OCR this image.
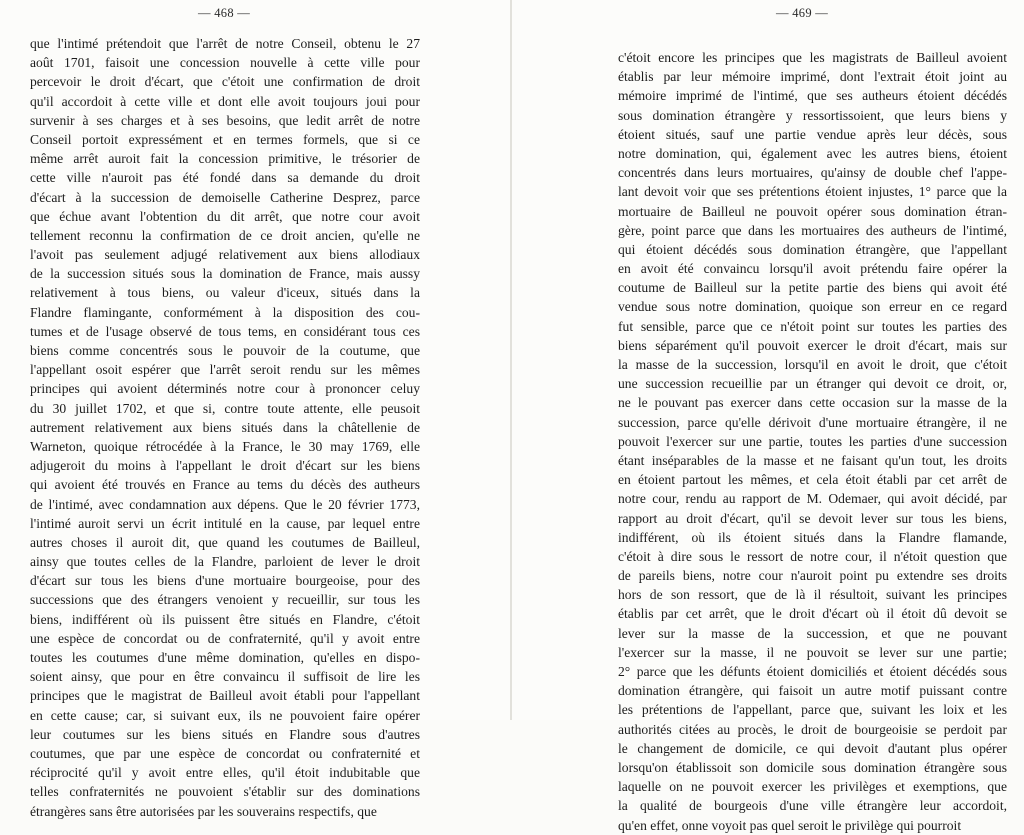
— 468 —
que l'intimé prétendoit que l'arrêt de notre Conseil, obtenu le 27
août 1701, faisoit une concession nouvelle à cette ville pour
percevoir le droit d'écart, que c'étoit une confirmation de droit
qu'il accordoit à cette ville et dont elle avoit toujours joui pour
survenir à ses charges et à ses besoins, que ledit arrêt de notre
Conseil portoit expressément et en termes formels, que si ce
même arrêt auroit fait la concession primitive, le trésorier de
cette ville n'auroit pas été fondé dans sa demande du droit
d'écart à la succession de demoiselle Catherine Desprez, parce
que échue avant l'obtention du dit arrêt, que notre cour avoit
tellement reconnu la confirmation de ce droit ancien, qu'elle ne
l'avoit pas seulement adjugé relativement aux biens allodiaux
de la succession situés sous la domination de France, mais aussy
relativement à tous biens, ou valeur d'iceux, situés dans la
Flandre flamingante, conformément à la disposition des cou-
tumes et de l'usage observé de tous tems, en considérant tous ces
biens comme concentrés sous le pouvoir de la coutume, que
l'appellant osoit espérer que l'arrêt seroit rendu sur les mêmes
principes qui avoient déterminés notre cour à prononcer celuy
du 30 juillet 1702, et que si, contre toute attente, elle peusoit
autrement relativement aux biens situés dans la châtellenie de
Warneton, quoique rétrocédée à la France, le 30 may 1769, elle
adjugeroit du moins à l'appellant le droit d'écart sur les biens
qui avoient été trouvés en France au tems du décès des autheurs
de l'intimé, avec condamnation aux dépens. Que le 20 février 1773,
l'intimé auroit servi un écrit intitulé en la cause, par lequel entre
autres choses il auroit dit, que quand les coutumes de Bailleul,
ainsy que toutes celles de la Flandre, parloient de lever le droit
d'écart sur tous les biens d'une mortuaire bourgeoise, pour des
successions que des étrangers venoient y recueillir, sur tous les
biens, indifférent où ils puissent être situés en Flandre, c'étoit
une espèce de concordat ou de confraternité, qu'il y avoit entre
toutes les coutumes d'une même domination, qu'elles en dispo-
soient ainsy, que pour en être convaincu il suffisoit de lire les
principes que le magistrat de Bailleul avoit établi pour l'appellant
en cette cause; car, si suivant eux, ils ne pouvoient faire opérer
leur coutumes sur les biens situés en Flandre sous d'autres
coutumes, que par une espèce de concordat ou confraternité et
réciprocité qu'il y avoit entre elles, qu'il étoit indubitable que
telles confraternités ne pouvoient s'établir sur des dominations
étrangères sans être autorisées par les souverains respectifs, que
— 469 —
c'étoit encore les principes que les magistrats de Bailleul avoient
établis par leur mémoire imprimé, dont l'extrait étoit joint au
mémoire imprimé de l'intimé, que ses autheurs étoient décédés
sous domination étrangère y ressortissoient, que leurs biens y
étoient situés, sauf une partie vendue après leur décès, sous
notre domination, qui, également avec les autres biens, étoient
concentrés dans leurs mortuaires, qu'ainsy de double chef l'appe-
lant devoit voir que ses prétentions étoient injustes, 1° parce que la
mortuaire de Bailleul ne pouvoit opérer sous domination étran-
gère, point parce que dans les mortuaires des autheurs de l'intimé,
qui étoient décédés sous domination étrangère, que l'appellant
en avoit été convaincu lorsqu'il avoit prétendu faire opérer la
coutume de Bailleul sur la petite partie des biens qui avoit été
vendue sous notre domination, quoique son erreur en ce regard
fut sensible, parce que ce n'étoit point sur toutes les parties des
biens séparément qu'il pouvoit exercer le droit d'écart, mais sur
la masse de la succession, lorsqu'il en avoit le droit, que c'étoit
une succession recueillie par un étranger qui devoit ce droit, or,
ne le pouvant pas exercer dans cette occasion sur la masse de la
succession, parce qu'elle dérivoit d'une mortuaire étrangère, il ne
pouvoit l'exercer sur une partie, toutes les parties d'une succession
étant inséparables de la masse et ne faisant qu'un tout, les droits
en étoient partout les mêmes, et cela étoit établi par cet arrêt de
notre cour, rendu au rapport de M. Odemaer, qui avoit décidé, par
rapport au droit d'écart, qu'il se devoit lever sur tous les biens,
indifférent, où ils étoient situés dans la Flandre flamande,
c'étoit à dire sous le ressort de notre cour, il n'étoit question que
de pareils biens, notre cour n'auroit point pu extendre ses droits
hors de son ressort, que de là il résultoit, suivant les principes
établis par cet arrêt, que le droit d'écart où il étoit dû devoit se
lever sur la masse de la succession, et que ne pouvant
l'exercer sur la masse, il ne pouvoit se lever sur une partie;
2° parce que les défunts étoient domiciliés et étoient décédés sous
domination étrangère, qui faisoit un autre motif puissant contre
les prétentions de l'appellant, parce que, suivant les loix et les
authorités citées au procès, le droit de bourgeoisie se perdoit par
le changement de domicile, ce qui devoit d'autant plus opérer
lorsqu'on établissoit son domicile sous domination étrangère sous
laquelle on ne pouvoit exercer les privilèges et exemptions, que
la qualité de bourgeois d'une ville étrangère leur accordoit,
qu'en effet, onne voyoit pas quel seroit le privilège qui pourroit
